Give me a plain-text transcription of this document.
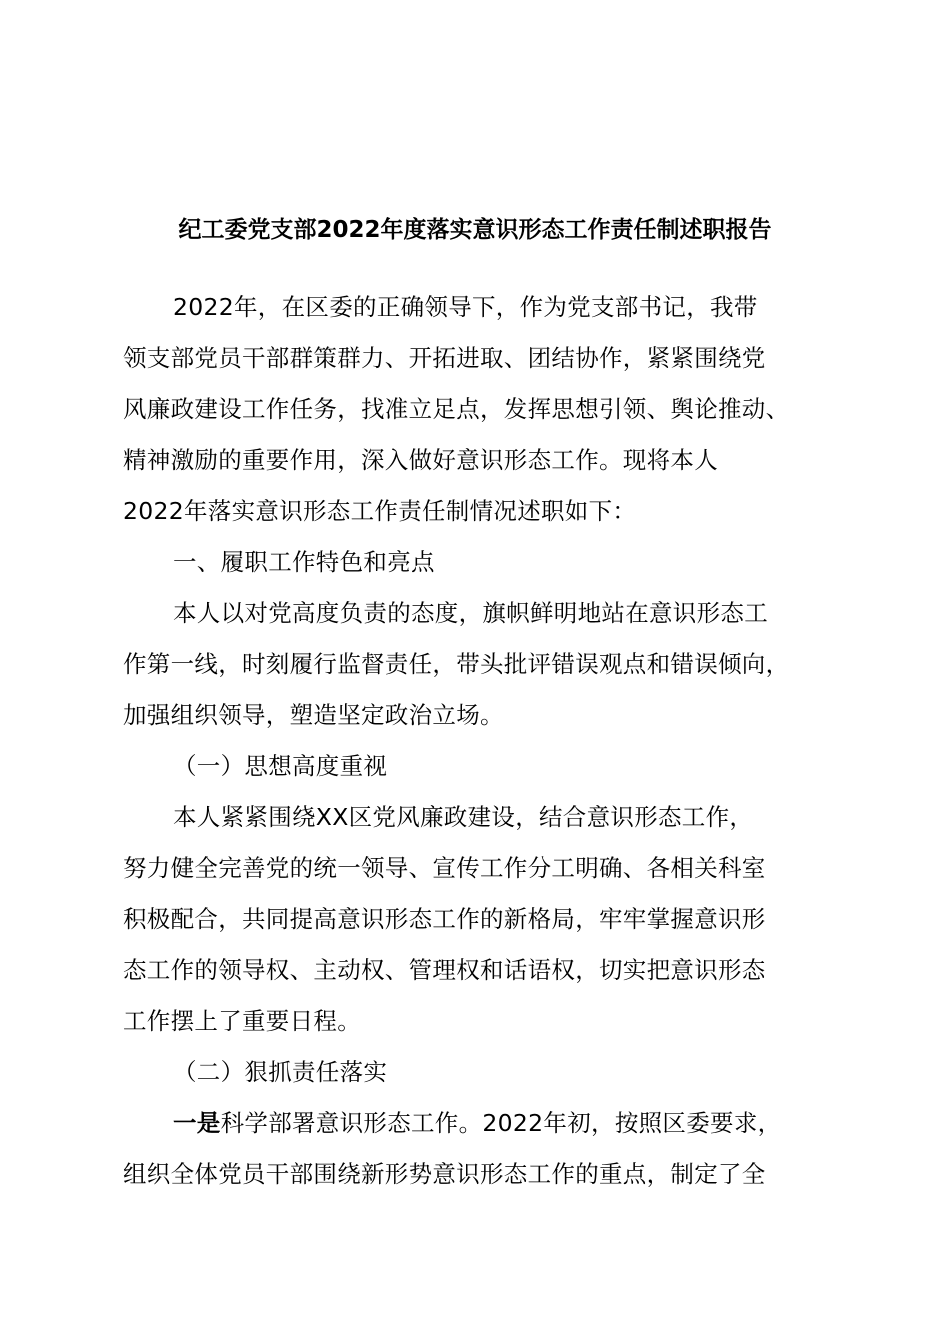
纪工委党支部2022年度落实意识形态工作责任制述职报告
2022年，在区委的正确领导下，作为党支部书记，我带
领支部党员干部群策群力、开拓进取、团结协作，紧紧围绕党
风廉政建设工作任务，找准立足点，发挥思想引领、舆论推动、
精神激励的重要作用，深入做好意识形态工作。现将本人
2022年落实意识形态工作责任制情况述职如下：
一、履职工作特色和亮点
本人以对党高度负责的态度，旗帜鲜明地站在意识形态工
作第一线，时刻履行监督责任，带头批评错误观点和错误倾向，
加强组织领导，塑造坚定政治立场。
（一）思想高度重视
本人紧紧围绕XX区党风廉政建设，结合意识形态工作，
努力健全完善党的统一领导、宣传工作分工明确、各相关科室
积极配合，共同提高意识形态工作的新格局，牢牢掌握意识形
态工作的领导权、主动权、管理权和话语权，切实把意识形态
工作摆上了重要日程。
（二）狠抓责任落实
一是科学部署意识形态工作。2022年初，按照区委要求，
组织全体党员干部围绕新形势意识形态工作的重点，制定了全
